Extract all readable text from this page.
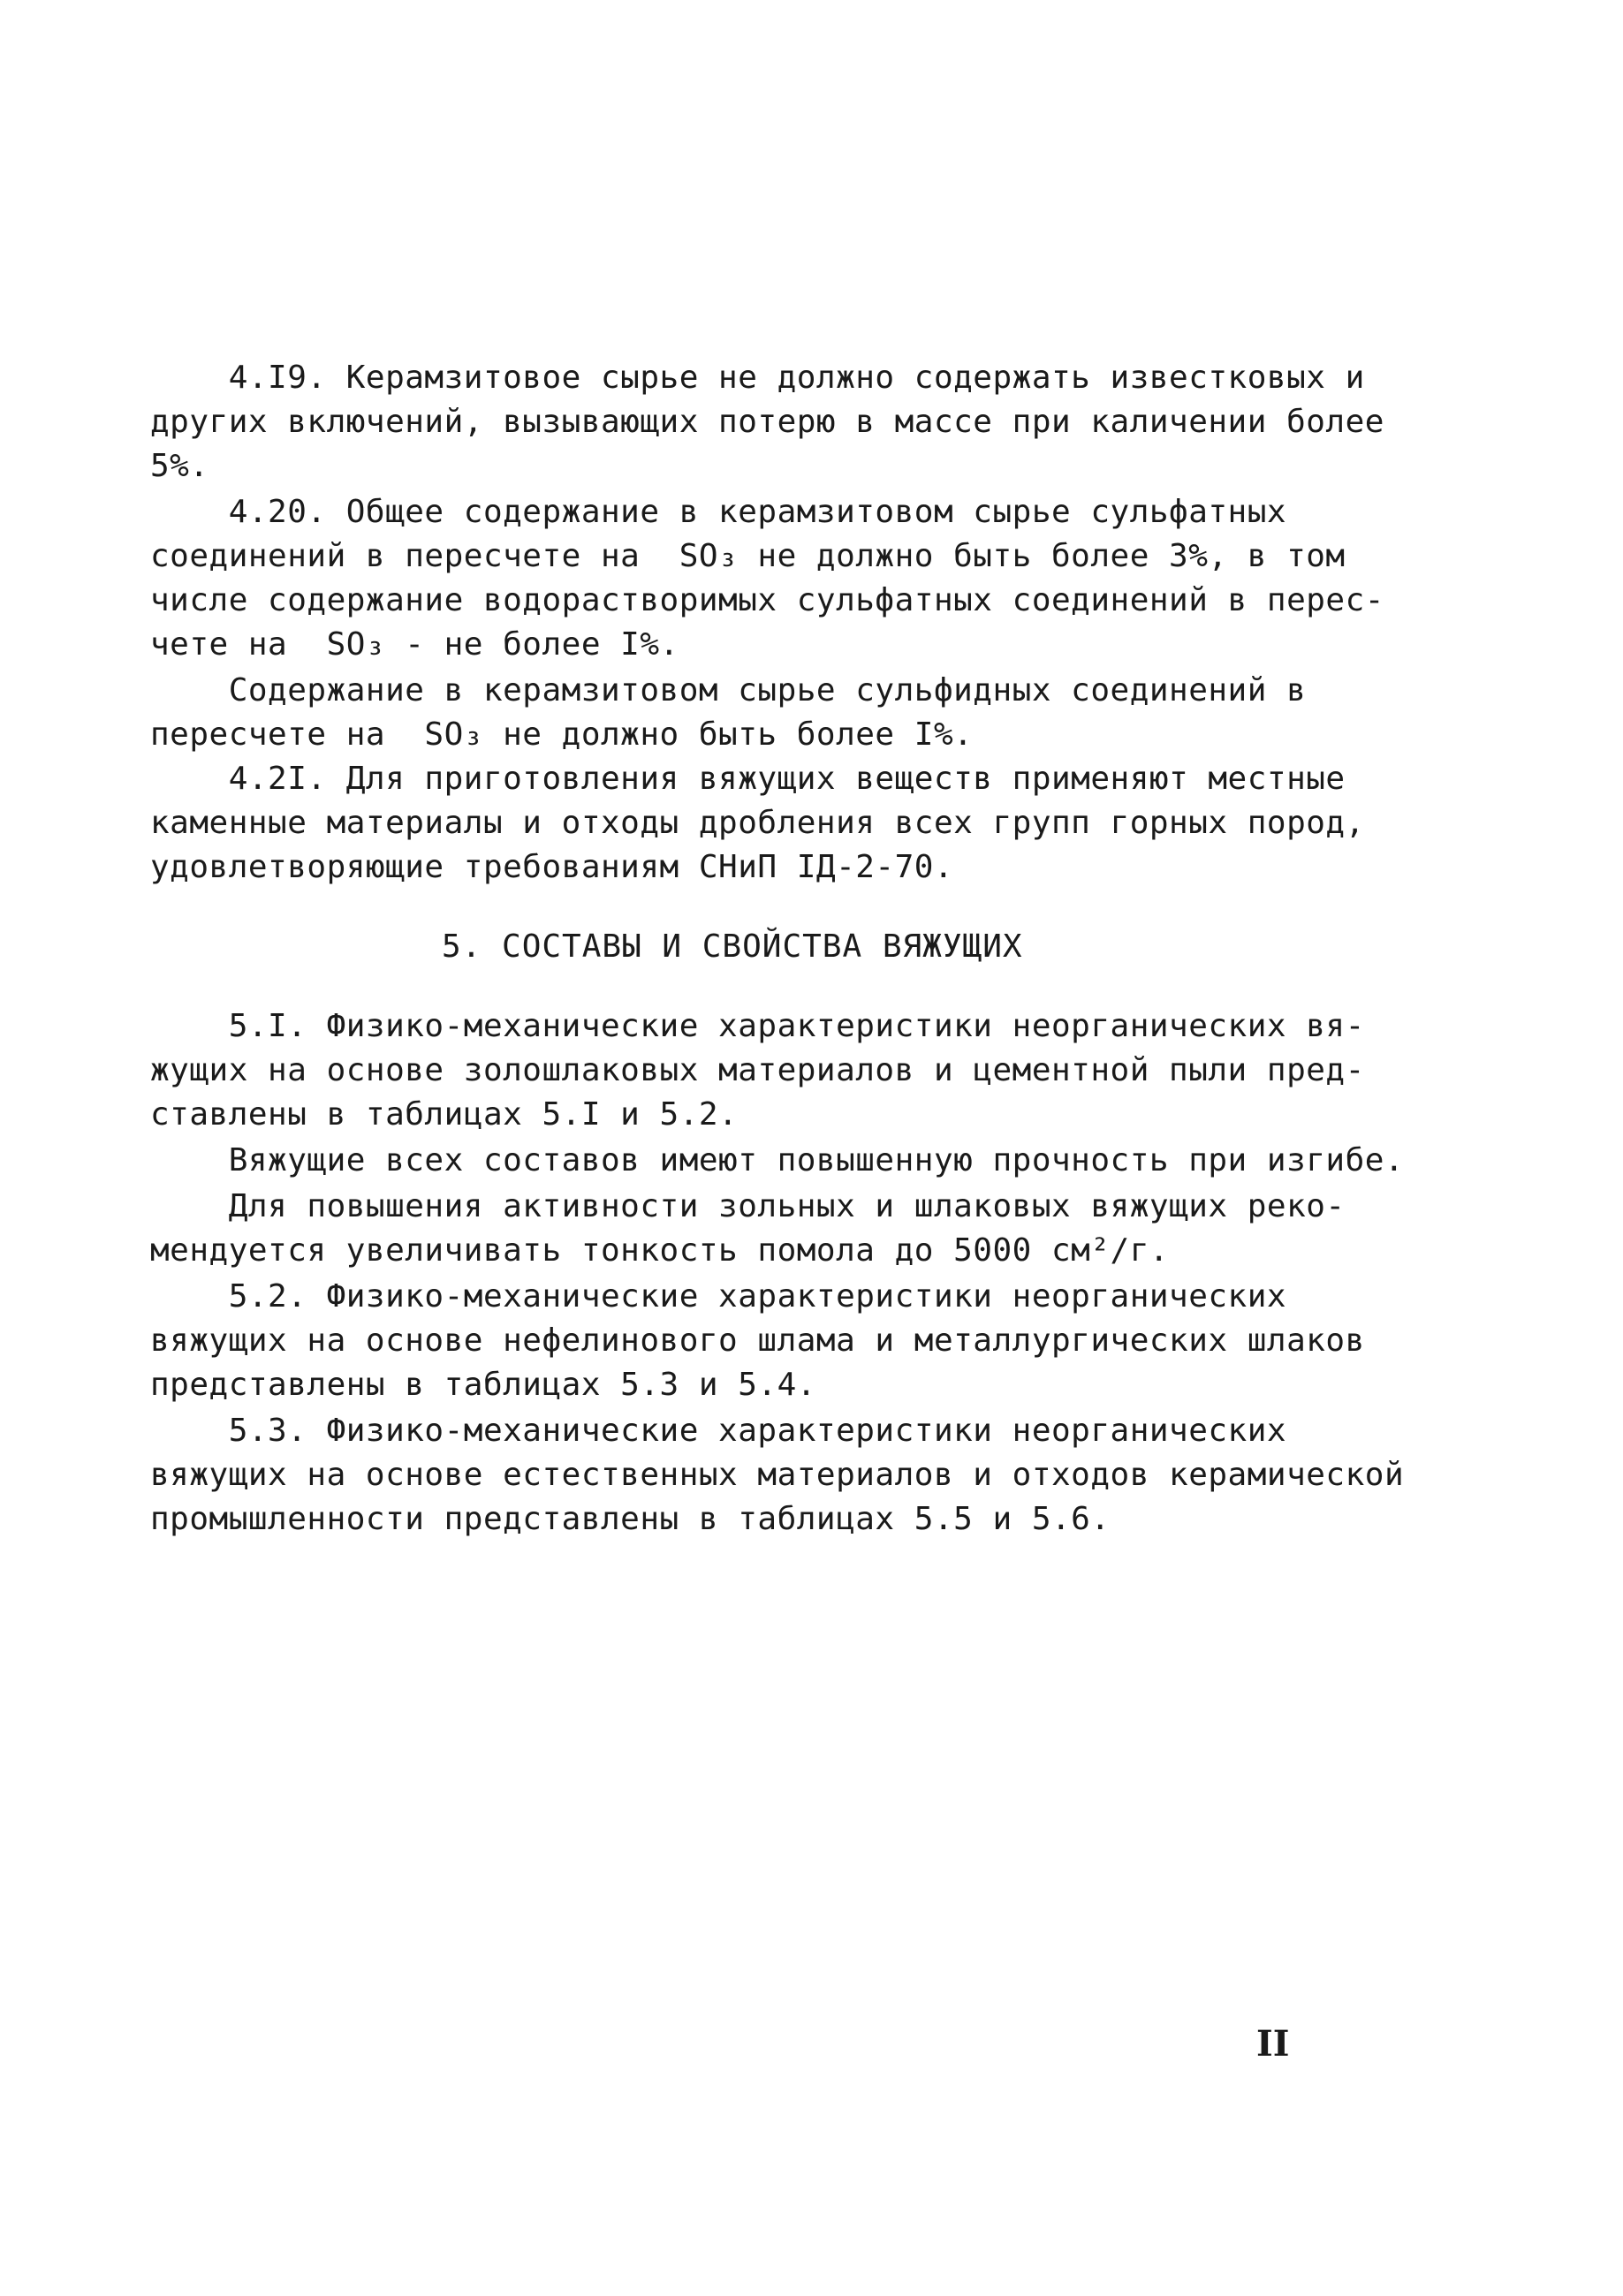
4.I9. Керамзитовое сырье не должно содержать известковых и
других включений, вызывающих потерю в массе при каличении более
5%.
4.20. Общее содержание в керамзитовом сырье сульфатных
соединений в пересчете на  SO₃ не должно быть более 3%, в том
числе содержание водорастворимых сульфатных соединений в перес-
чете на  SO₃ - не более I%.
Содержание в керамзитовом сырье сульфидных соединений в
пересчете на  SO₃ не должно быть более I%.
4.2I. Для приготовления вяжущих веществ применяют местные
каменные материалы и отходы дробления всех групп горных пород,
удовлетворяющие требованиям СНиП IД-2-70.
5. СОСТАВЫ И СВОЙСТВА ВЯЖУЩИХ
5.I. Физико-механические характеристики неорганических вя-
жущих на основе золошлаковых материалов и цементной пыли пред-
ставлены в таблицах 5.I и 5.2.
Вяжущие всех составов имеют повышенную прочность при изгибе.
Для повышения активности зольных и шлаковых вяжущих реко-
мендуется увеличивать тонкость помола до 5000 см²/г.
5.2. Физико-механические характеристики неорганических
вяжущих на основе нефелинового шлама и металлургических шлаков
представлены в таблицах 5.3 и 5.4.
5.3. Физико-механические характеристики неорганических
вяжущих на основе естественных материалов и отходов керамической
промышленности представлены в таблицах 5.5 и 5.6.
II
